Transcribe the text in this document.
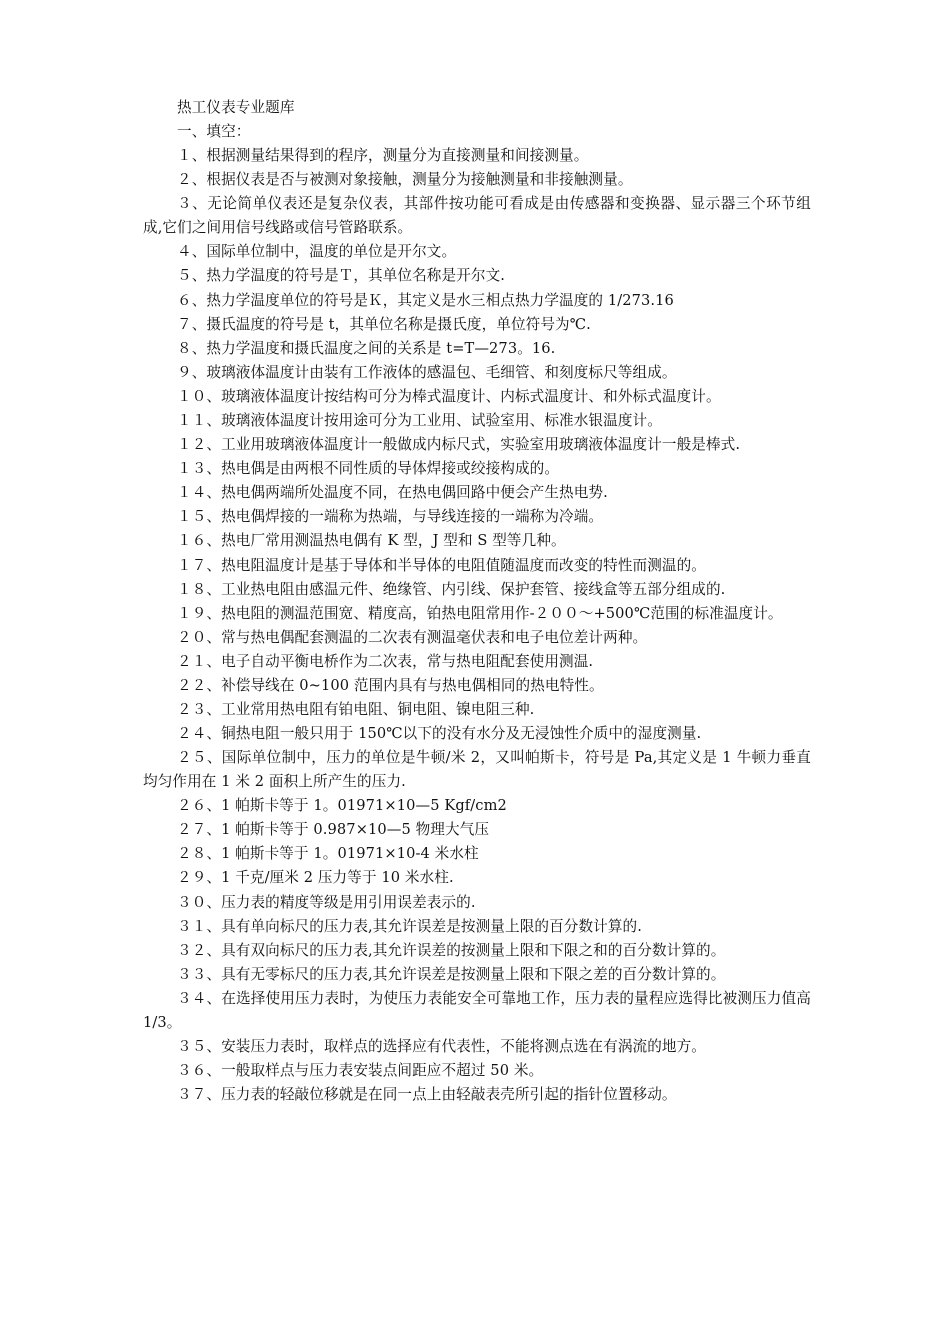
热工仪表专业题库
一、填空：
１、根据测量结果得到的程序，测量分为直接测量和间接测量。
２、根据仪表是否与被测对象接触，测量分为接触测量和非接触测量。
３、无论简单仪表还是复杂仪表，其部件按功能可看成是由传感器和变换器、显示器三个环节组成,它们之间用信号线路或信号管路联系。
４、国际单位制中，温度的单位是开尔文。
５、热力学温度的符号是Ｔ，其单位名称是开尔文.
６、热力学温度单位的符号是Ｋ，其定义是水三相点热力学温度的 1/273.16
７、摄氏温度的符号是 t，其单位名称是摄氏度，单位符号为℃.
８、热力学温度和摄氏温度之间的关系是 t=T—273。16.
９、玻璃液体温度计由装有工作液体的感温包、毛细管、和刻度标尺等组成。
１０、玻璃液体温度计按结构可分为棒式温度计、内标式温度计、和外标式温度计。
１１、玻璃液体温度计按用途可分为工业用、试验室用、标准水银温度计。
１２、工业用玻璃液体温度计一般做成内标尺式，实验室用玻璃液体温度计一般是棒式.
１３、热电偶是由两根不同性质的导体焊接或绞接构成的。
１４、热电偶两端所处温度不同，在热电偶回路中便会产生热电势.
１５、热电偶焊接的一端称为热端，与导线连接的一端称为冷端。
１６、热电厂常用测温热电偶有 K 型，J 型和 S 型等几种。
１７、热电阻温度计是基于导体和半导体的电阻值随温度而改变的特性而测温的。
１８、工业热电阻由感温元件、绝缘管、内引线、保护套管、接线盒等五部分组成的.
１９、热电阻的测温范围宽、精度高，铂热电阻常用作-２００～+500℃范围的标准温度计。
２０、常与热电偶配套测温的二次表有测温毫伏表和电子电位差计两种。
２１、电子自动平衡电桥作为二次表，常与热电阻配套使用测温.
２２、补偿导线在 0~100 范围内具有与热电偶相同的热电特性。
２３、工业常用热电阻有铂电阻、铜电阻、镍电阻三种.
２４、铜热电阻一般只用于 150℃以下的没有水分及无浸蚀性介质中的湿度测量.
２５、国际单位制中，压力的单位是牛顿/米 2，又叫帕斯卡，符号是 Pa,其定义是 1 牛顿力垂直均匀作用在 1 米 2 面积上所产生的压力.
２６、1 帕斯卡等于 1。01971×10—5 Kgf/cm2
２７、1 帕斯卡等于 0.987×10—5 物理大气压
２８、1 帕斯卡等于 1。01971×10-4 米水柱
２９、1 千克/厘米 2 压力等于 10 米水柱.
３０、压力表的精度等级是用引用误差表示的.
３１、具有单向标尺的压力表,其允许误差是按测量上限的百分数计算的.
３２、具有双向标尺的压力表,其允许误差的按测量上限和下限之和的百分数计算的。
３３、具有无零标尺的压力表,其允许误差是按测量上限和下限之差的百分数计算的。
３４、在选择使用压力表时，为使压力表能安全可靠地工作，压力表的量程应选得比被测压力值高 1/3。
３５、安装压力表时，取样点的选择应有代表性，不能将测点选在有涡流的地方。
３６、一般取样点与压力表安装点间距应不超过 50 米。
３７、压力表的轻敲位移就是在同一点上由轻敲表壳所引起的指针位置移动。
